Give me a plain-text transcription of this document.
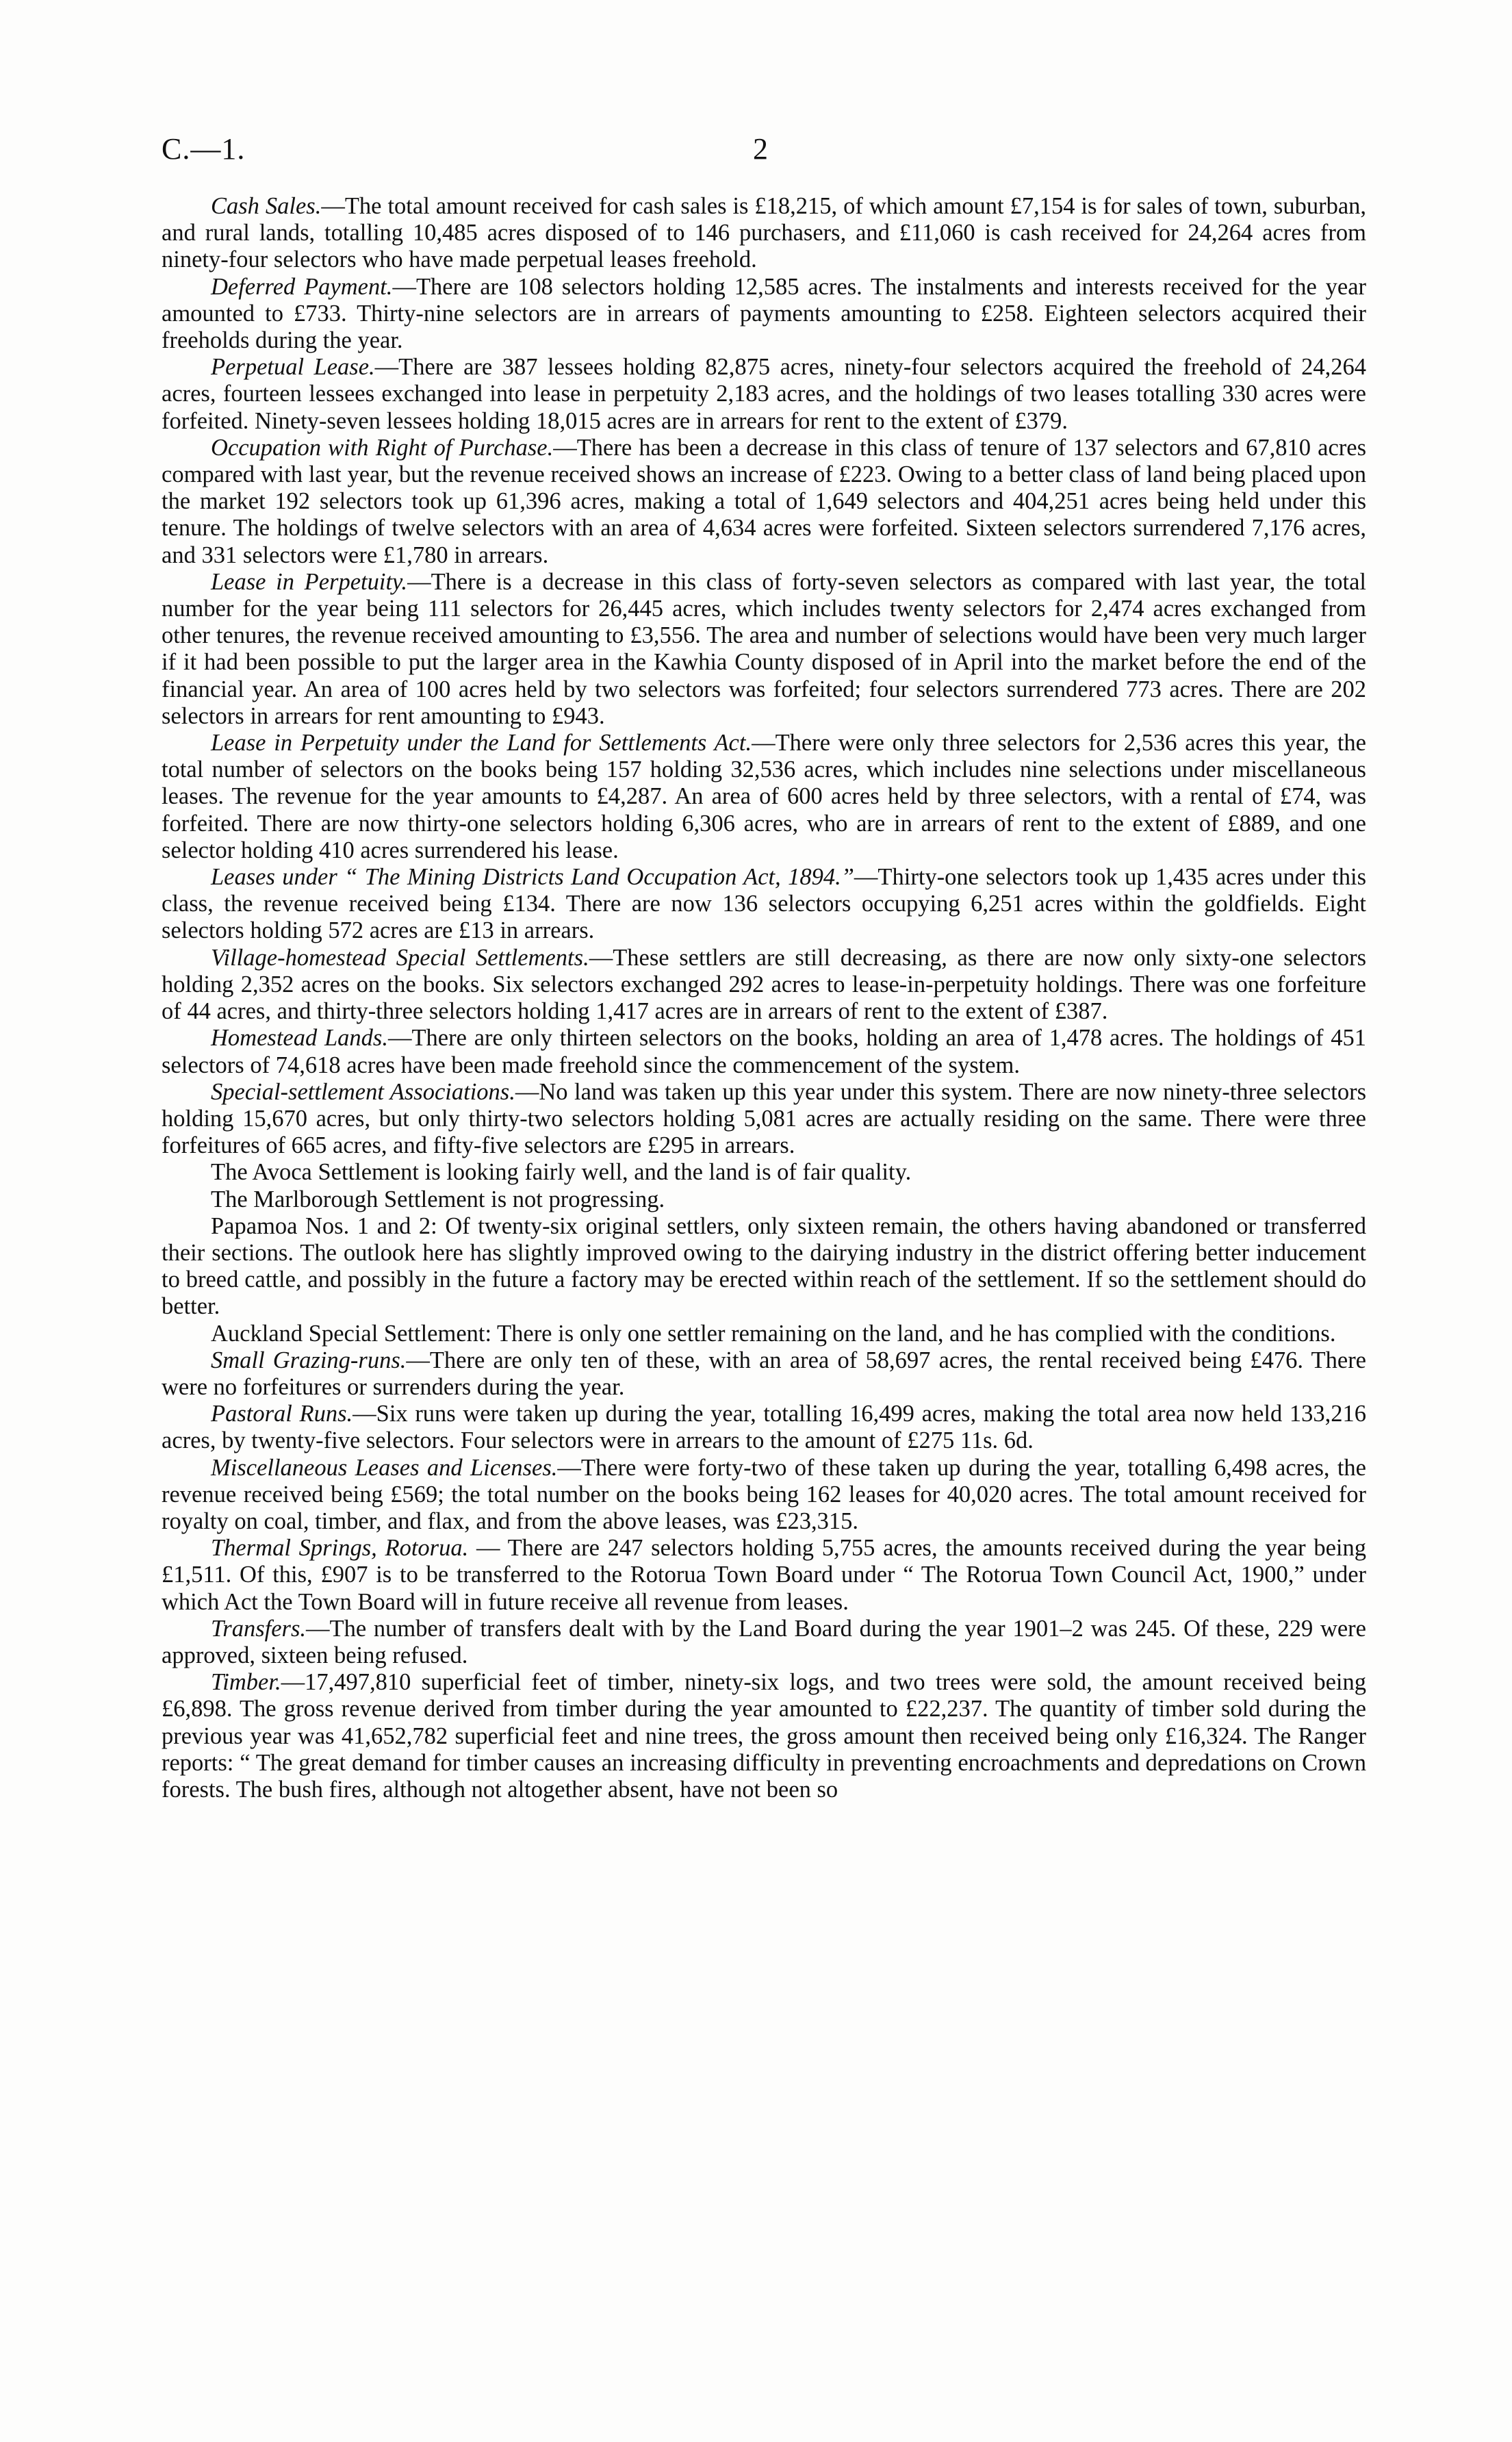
C.—1.	2

Cash Sales.—The total amount received for cash sales is £18,215, of which amount £7,154 is for sales of town, suburban, and rural lands, totalling 10,485 acres disposed of to 146 purchasers, and £11,060 is cash received for 24,264 acres from ninety-four selectors who have made perpetual leases freehold.

Deferred Payment.—There are 108 selectors holding 12,585 acres. The instalments and interests received for the year amounted to £733. Thirty-nine selectors are in arrears of payments amounting to £258. Eighteen selectors acquired their freeholds during the year.

Perpetual Lease.—There are 387 lessees holding 82,875 acres, ninety-four selectors acquired the freehold of 24,264 acres, fourteen lessees exchanged into lease in perpetuity 2,183 acres, and the holdings of two leases totalling 330 acres were forfeited. Ninety-seven lessees holding 18,015 acres are in arrears for rent to the extent of £379.

Occupation with Right of Purchase.—There has been a decrease in this class of tenure of 137 selectors and 67,810 acres compared with last year, but the revenue received shows an increase of £223. Owing to a better class of land being placed upon the market 192 selectors took up 61,396 acres, making a total of 1,649 selectors and 404,251 acres being held under this tenure. The holdings of twelve selectors with an area of 4,634 acres were forfeited. Sixteen selectors surrendered 7,176 acres, and 331 selectors were £1,780 in arrears.

Lease in Perpetuity.—There is a decrease in this class of forty-seven selectors as compared with last year, the total number for the year being 111 selectors for 26,445 acres, which includes twenty selectors for 2,474 acres exchanged from other tenures, the revenue received amounting to £3,556. The area and number of selections would have been very much larger if it had been possible to put the larger area in the Kawhia County disposed of in April into the market before the end of the financial year. An area of 100 acres held by two selectors was forfeited; four selectors surrendered 773 acres. There are 202 selectors in arrears for rent amounting to £943.

Lease in Perpetuity under the Land for Settlements Act.—There were only three selectors for 2,536 acres this year, the total number of selectors on the books being 157 holding 32,536 acres, which includes nine selections under miscellaneous leases. The revenue for the year amounts to £4,287. An area of 600 acres held by three selectors, with a rental of £74, was forfeited. There are now thirty-one selectors holding 6,306 acres, who are in arrears of rent to the extent of £889, and one selector holding 410 acres surrendered his lease.

Leases under “ The Mining Districts Land Occupation Act, 1894.”—Thirty-one selectors took up 1,435 acres under this class, the revenue received being £134. There are now 136 selectors occupying 6,251 acres within the goldfields. Eight selectors holding 572 acres are £13 in arrears.

Village-homestead Special Settlements.—These settlers are still decreasing, as there are now only sixty-one selectors holding 2,352 acres on the books. Six selectors exchanged 292 acres to lease-in-perpetuity holdings. There was one forfeiture of 44 acres, and thirty-three selectors holding 1,417 acres are in arrears of rent to the extent of £387.

Homestead Lands.—There are only thirteen selectors on the books, holding an area of 1,478 acres. The holdings of 451 selectors of 74,618 acres have been made freehold since the commencement of the system.

Special-settlement Associations.—No land was taken up this year under this system. There are now ninety-three selectors holding 15,670 acres, but only thirty-two selectors holding 5,081 acres are actually residing on the same. There were three forfeitures of 665 acres, and fifty-five selectors are £295 in arrears.

The Avoca Settlement is looking fairly well, and the land is of fair quality.

The Marlborough Settlement is not progressing.

Papamoa Nos. 1 and 2: Of twenty-six original settlers, only sixteen remain, the others having abandoned or transferred their sections. The outlook here has slightly improved owing to the dairying industry in the district offering better inducement to breed cattle, and possibly in the future a factory may be erected within reach of the settlement. If so the settlement should do better.

Auckland Special Settlement: There is only one settler remaining on the land, and he has complied with the conditions.

Small Grazing-runs.—There are only ten of these, with an area of 58,697 acres, the rental received being £476. There were no forfeitures or surrenders during the year.

Pastoral Runs.—Six runs were taken up during the year, totalling 16,499 acres, making the total area now held 133,216 acres, by twenty-five selectors. Four selectors were in arrears to the amount of £275 11s. 6d.

Miscellaneous Leases and Licenses.—There were forty-two of these taken up during the year, totalling 6,498 acres, the revenue received being £569; the total number on the books being 162 leases for 40,020 acres. The total amount received for royalty on coal, timber, and flax, and from the above leases, was £23,315.

Thermal Springs, Rotorua. — There are 247 selectors holding 5,755 acres, the amounts received during the year being £1,511. Of this, £907 is to be transferred to the Rotorua Town Board under “ The Rotorua Town Council Act, 1900,” under which Act the Town Board will in future receive all revenue from leases.

Transfers.—The number of transfers dealt with by the Land Board during the year 1901–2 was 245. Of these, 229 were approved, sixteen being refused.

Timber.—17,497,810 superficial feet of timber, ninety-six logs, and two trees were sold, the amount received being £6,898. The gross revenue derived from timber during the year amounted to £22,237. The quantity of timber sold during the previous year was 41,652,782 superficial feet and nine trees, the gross amount then received being only £16,324. The Ranger reports: “ The great demand for timber causes an increasing difficulty in preventing encroachments and depredations on Crown forests. The bush fires, although not altogether absent, have not been so
